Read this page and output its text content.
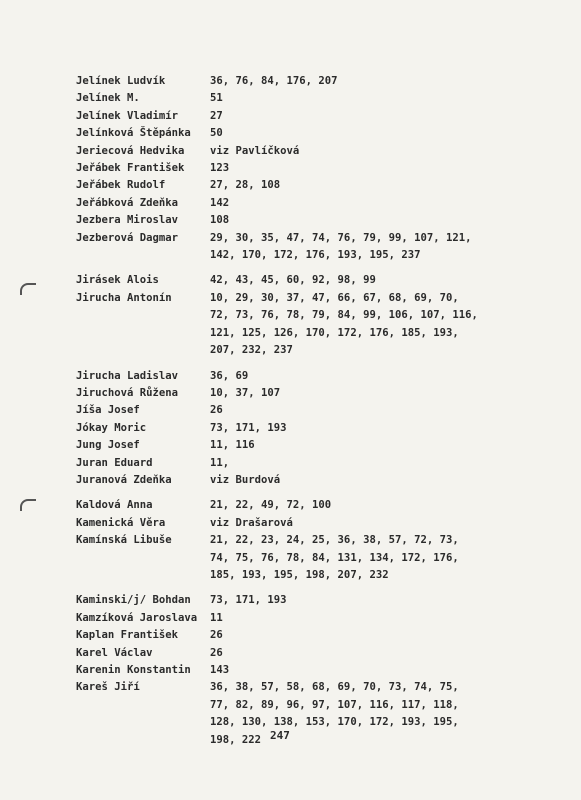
Jelínek Ludvík	36, 76, 84, 176, 207
Jelínek M.	51
Jelínek Vladimír	27
Jelínková Štěpánka	50
Jeriecová Hedvika	viz Pavlíčková
Jeřábek František	123
Jeřábek Rudolf	27, 28, 108
Jeřábková Zdeňka	142
Jezbera Miroslav	108
Jezberová Dagmar	29, 30, 35, 47, 74, 76, 79, 99, 107, 121,
142, 170, 172, 176, 193, 195, 237
Jirásek Alois	42, 43, 45, 60, 92, 98, 99
Jirucha Antonín	10, 29, 30, 37, 47, 66, 67, 68, 69, 70,
72, 73, 76, 78, 79, 84, 99, 106, 107, 116,
121, 125, 126, 170, 172, 176, 185, 193,
207, 232, 237
Jirucha Ladislav	36, 69
Jiruchová Růžena	10, 37, 107
Jíša Josef	26
Jókay Moric	73, 171, 193
Jung Josef	11, 116
Juran Eduard	11,
Juranová Zdeňka	viz Burdová
Kaldová Anna	21, 22, 49, 72, 100
Kamenická Věra	viz Drašarová
Kamínská Libuše	21, 22, 23, 24, 25, 36, 38, 57, 72, 73,
74, 75, 76, 78, 84, 131, 134, 172, 176,
185, 193, 195, 198, 207, 232
Kaminski/j/ Bohdan	73, 171, 193
Kamzíková Jaroslava	11
Kaplan František	26
Karel Václav	26
Karenin Konstantin	143
Kareš Jiří	36, 38, 57, 58, 68, 69, 70, 73, 74, 75,
77, 82, 89, 96, 97, 107, 116, 117, 118,
128, 130, 138, 153, 170, 172, 193, 195,
198, 222 247
